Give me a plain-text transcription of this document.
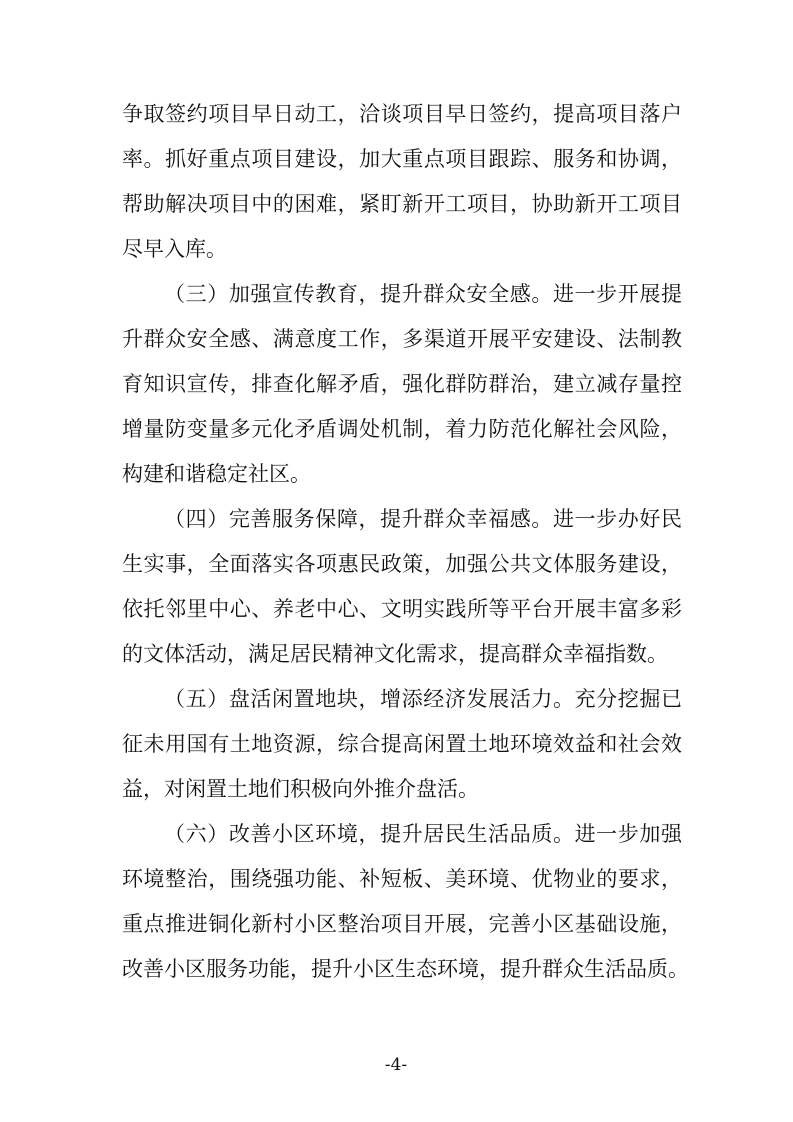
争取签约项目早日动工，洽谈项目早日签约，提高项目落户
率。抓好重点项目建设，加大重点项目跟踪、服务和协调，
帮助解决项目中的困难，紧盯新开工项目，协助新开工项目
尽早入库。
（三）加强宣传教育，提升群众安全感。进一步开展提
升群众安全感、满意度工作，多渠道开展平安建设、法制教
育知识宣传，排查化解矛盾，强化群防群治，建立减存量控
增量防变量多元化矛盾调处机制，着力防范化解社会风险，
构建和谐稳定社区。
（四）完善服务保障，提升群众幸福感。进一步办好民
生实事，全面落实各项惠民政策，加强公共文体服务建设，
依托邻里中心、养老中心、文明实践所等平台开展丰富多彩
的文体活动，满足居民精神文化需求，提高群众幸福指数。
（五）盘活闲置地块，增添经济发展活力。充分挖掘已
征未用国有土地资源，综合提高闲置土地环境效益和社会效
益，对闲置土地们积极向外推介盘活。
（六）改善小区环境，提升居民生活品质。进一步加强
环境整治，围绕强功能、补短板、美环境、优物业的要求，
重点推进铜化新村小区整治项目开展，完善小区基础设施，
改善小区服务功能，提升小区生态环境，提升群众生活品质。
-4-
